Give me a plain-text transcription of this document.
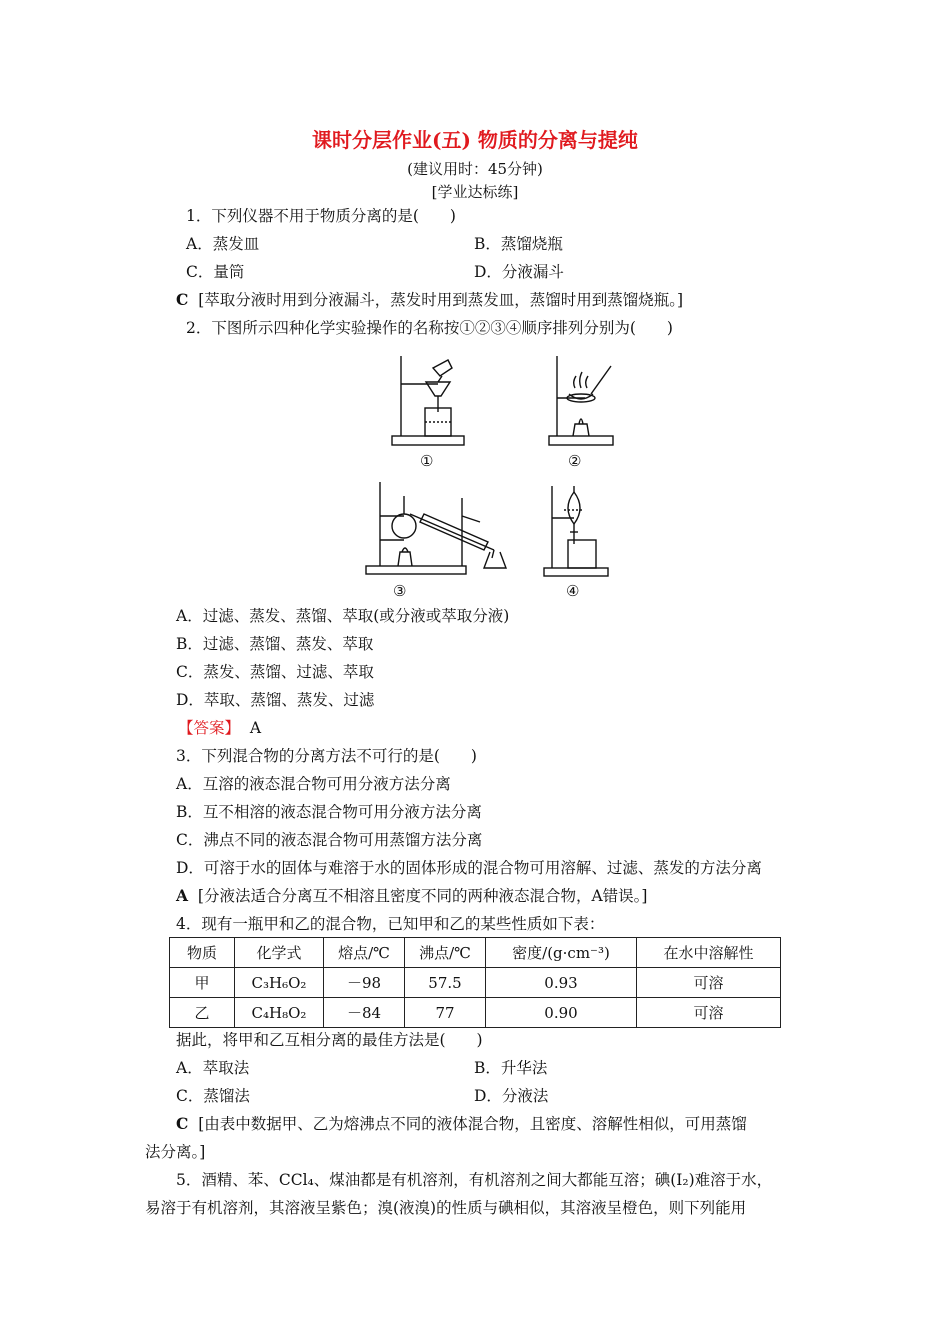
课时分层作业(五) 物质的分离与提纯
(建议用时：45分钟)
[学业达标练]
1．下列仪器不用于物质分离的是(　　)
A．蒸发皿	B．蒸馏烧瓶
C．量筒	D．分液漏斗
C [萃取分液时用到分液漏斗，蒸发时用到蒸发皿，蒸馏时用到蒸馏烧瓶。]
2．下图所示四种化学实验操作的名称按①②③④顺序排列分别为(　　)
①	②
③	④
A．过滤、蒸发、蒸馏、萃取(或分液或萃取分液)
B．过滤、蒸馏、蒸发、萃取
C．蒸发、蒸馏、过滤、萃取
D．萃取、蒸馏、蒸发、过滤
【答案】 A
3．下列混合物的分离方法不可行的是(　　)
A．互溶的液态混合物可用分液方法分离
B．互不相溶的液态混合物可用分液方法分离
C．沸点不同的液态混合物可用蒸馏方法分离
D．可溶于水的固体与难溶于水的固体形成的混合物可用溶解、过滤、蒸发的方法分离
A [分液法适合分离互不相溶且密度不同的两种液态混合物，A错误。]
4．现有一瓶甲和乙的混合物，已知甲和乙的某些性质如下表：
物质	化学式	熔点/℃	沸点/℃	密度/(g·cm⁻³)	在水中溶解性
甲	C₃H₆O₂	－98	57.5	0.93	可溶
乙	C₄H₈O₂	－84	77	0.90	可溶
据此，将甲和乙互相分离的最佳方法是(　　)
A．萃取法	B．升华法
C．蒸馏法	D．分液法
C [由表中数据甲、乙为熔沸点不同的液体混合物，且密度、溶解性相似，可用蒸馏
法分离。]
5．酒精、苯、CCl₄、煤油都是有机溶剂，有机溶剂之间大都能互溶；碘(I₂)难溶于水，
易溶于有机溶剂，其溶液呈紫色；溴(液溴)的性质与碘相似，其溶液呈橙色，则下列能用
